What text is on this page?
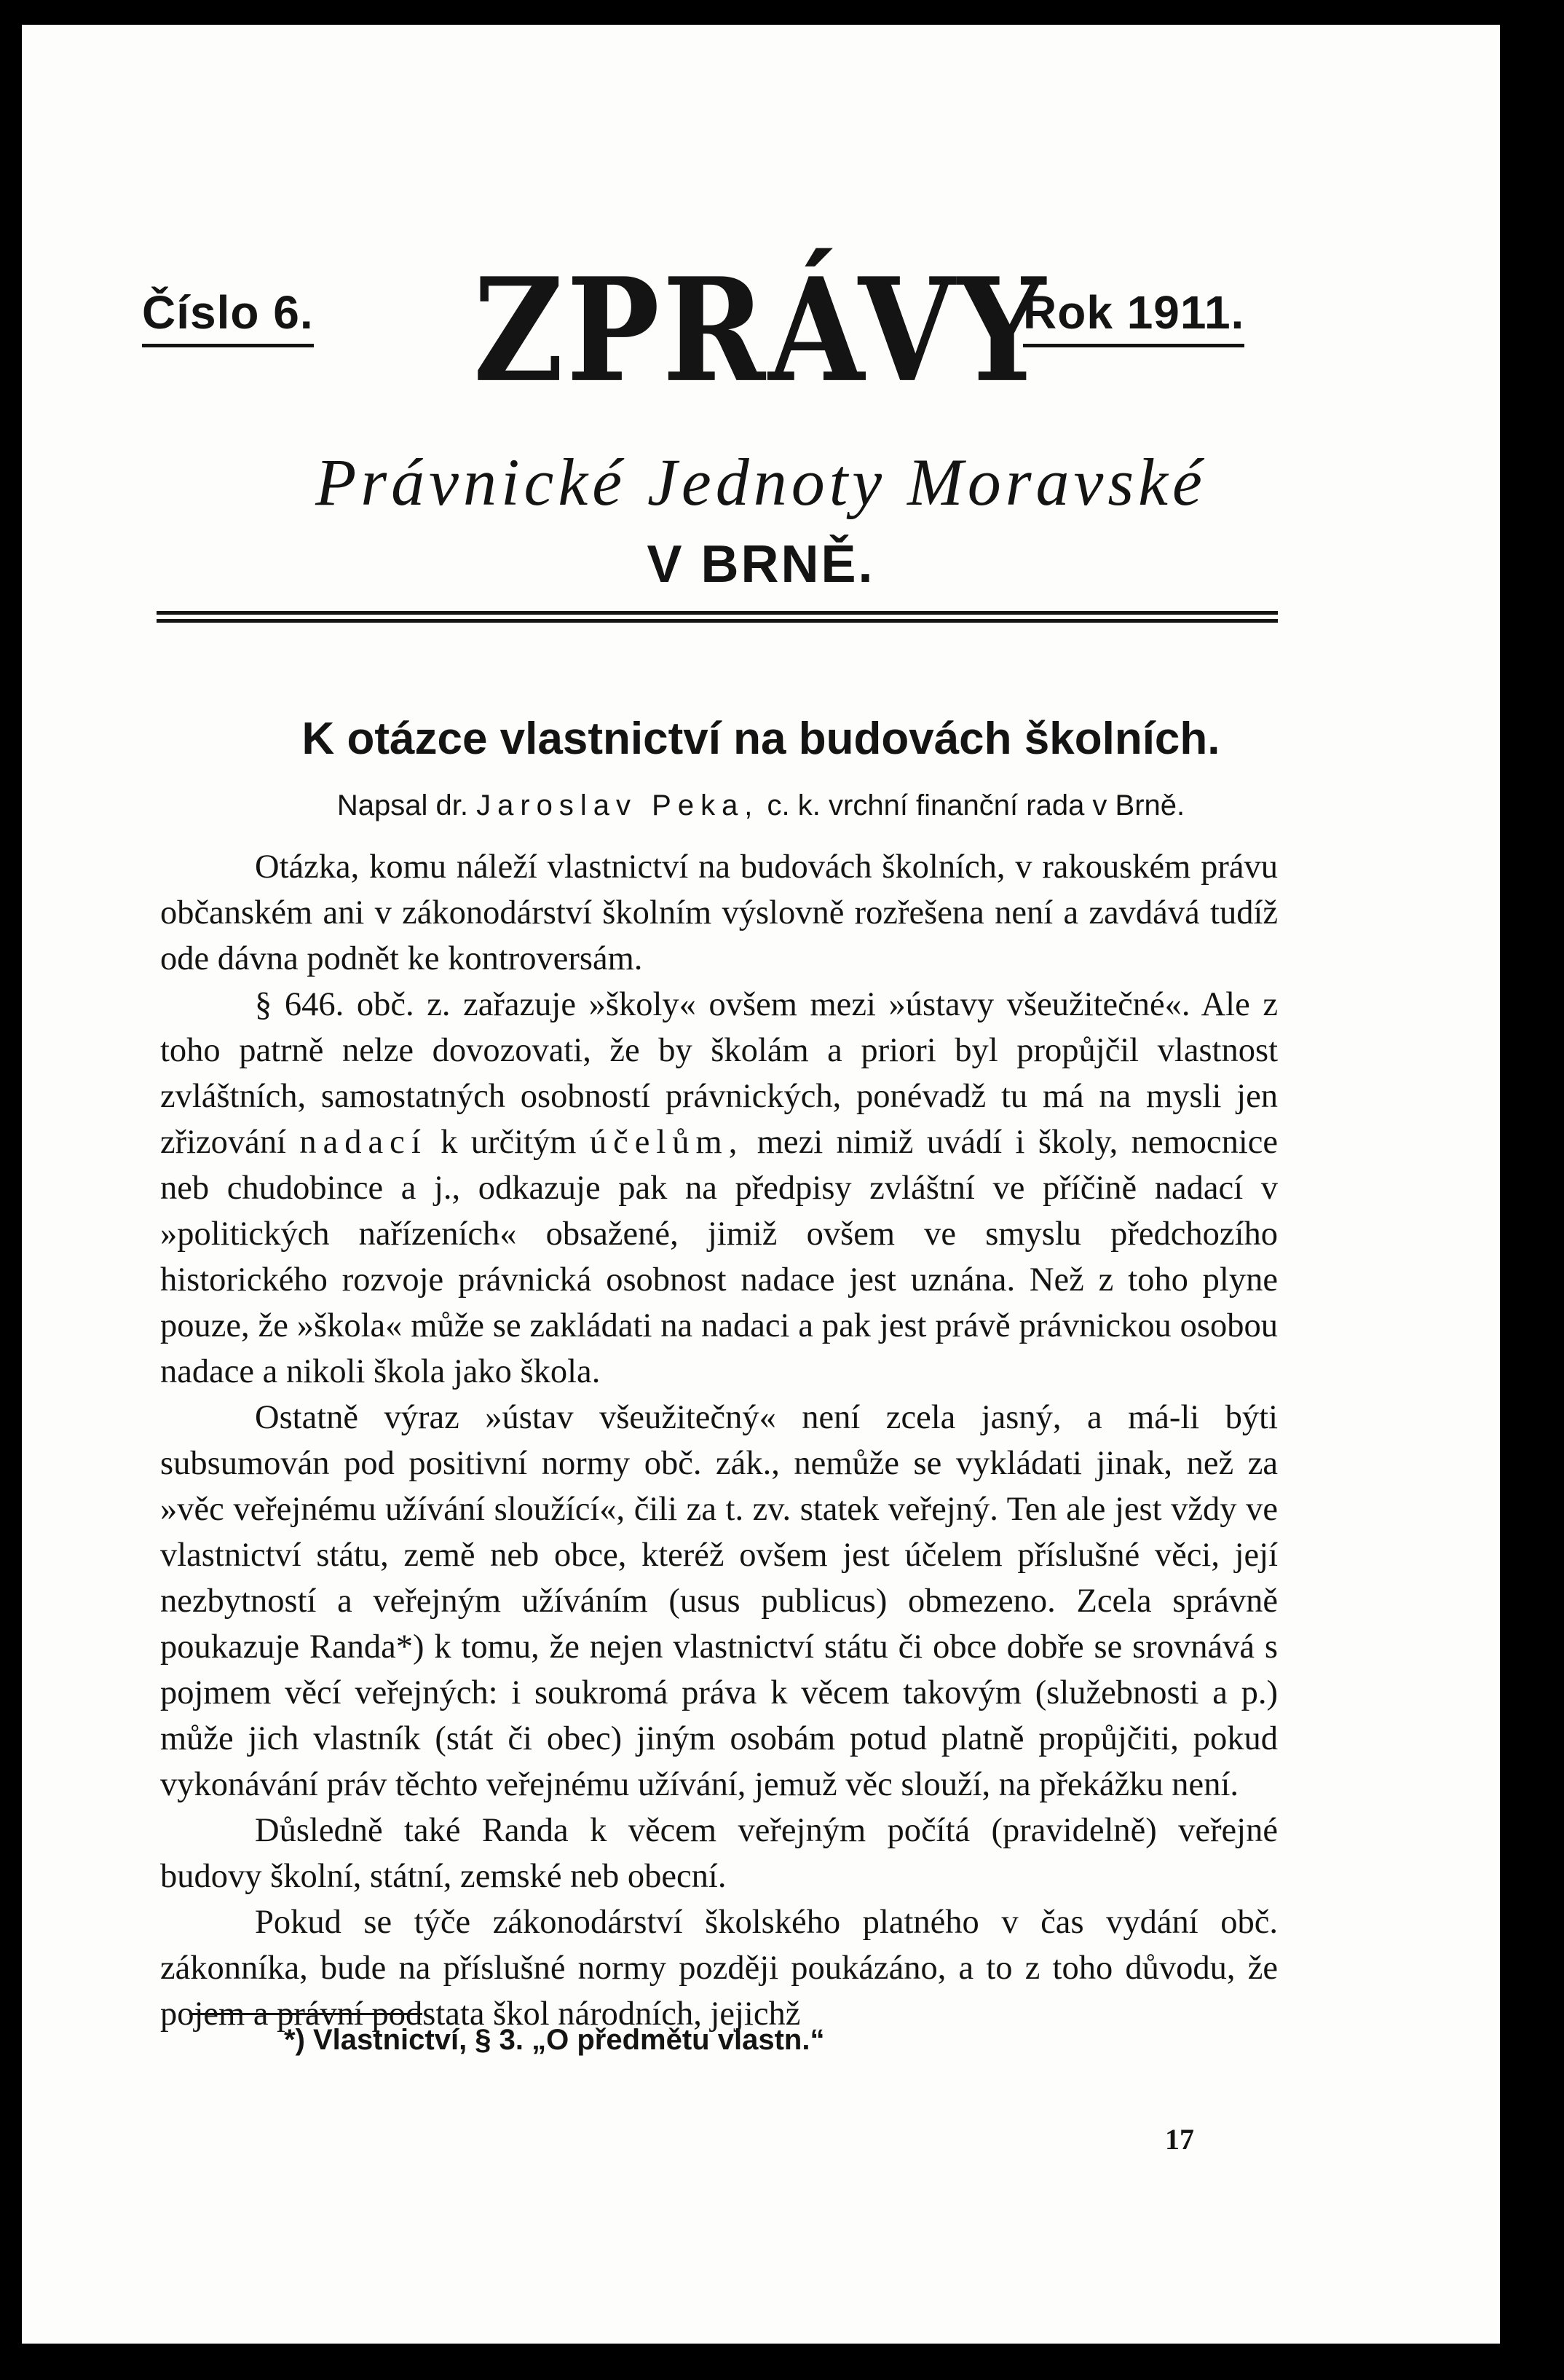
Číslo 6.	ZPRÁVY
Rok 1911.
Právnické Jednoty Moravské
V BRNĚ.
K otázce vlastnictví na budovách školních.
Napsal dr. Jaroslav Peka, c. k. vrchní finanční rada v Brně.

Otázka, komu náleží vlastnictví na budovách školních, v rakouském právu občanském ani v zákonodárství školním výslovně rozřešena není a zavdává tudíž ode dávna podnět ke kontroversám.

§ 646. obč. z. zařazuje »školy« ovšem mezi »ústavy všeužitečné«. Ale z toho patrně nelze dovozovati, že by školám a priori byl propůjčil vlastnost zvláštních, samostatných osobností právnických, ponévadž tu má na mysli jen zřizování nadací k určitým účelům, mezi nimiž uvádí i školy, nemocnice neb chudobince a j., odkazuje pak na předpisy zvláštní ve příčině nadací v »politických nařízeních« obsažené, jimiž ovšem ve smyslu předchozího historického rozvoje právnická osobnost nadace jest uznána. Než z toho plyne pouze, že »škola« může se zakládati na nadaci a pak jest právě právnickou osobou nadace a nikoli škola jako škola.

Ostatně výraz »ústav všeužitečný« není zcela jasný, a má-li býti subsumován pod positivní normy obč. zák., nemůže se vykládati jinak, než za »věc veřejnému užívání sloužící«, čili za t. zv. statek veřejný. Ten ale jest vždy ve vlastnictví státu, země neb obce, kteréž ovšem jest účelem příslušné věci, její nezbytností a veřejným užíváním (usus publicus) obmezeno. Zcela správně poukazuje Randa*) k tomu, že nejen vlastnictví státu či obce dobře se srovnává s pojmem věcí veřejných: i soukromá práva k věcem takovým (služebnosti a p.) může jich vlastník (stát či obec) jiným osobám potud platně propůjčiti, pokud vykonávání práv těchto veřejnému užívání, jemuž věc slouží, na překážku není.

Důsledně také Randa k věcem veřejným počítá (pravidelně) veřejné budovy školní, státní, zemské neb obecní.

Pokud se týče zákonodárství školského platného v čas vydání obč. zákonníka, bude na příslušné normy později poukázáno, a to z toho důvodu, že pojem a právní podstata škol národních, jejichž

*) Vlastnictví, § 3. „O předmětu vlastn.“
17
